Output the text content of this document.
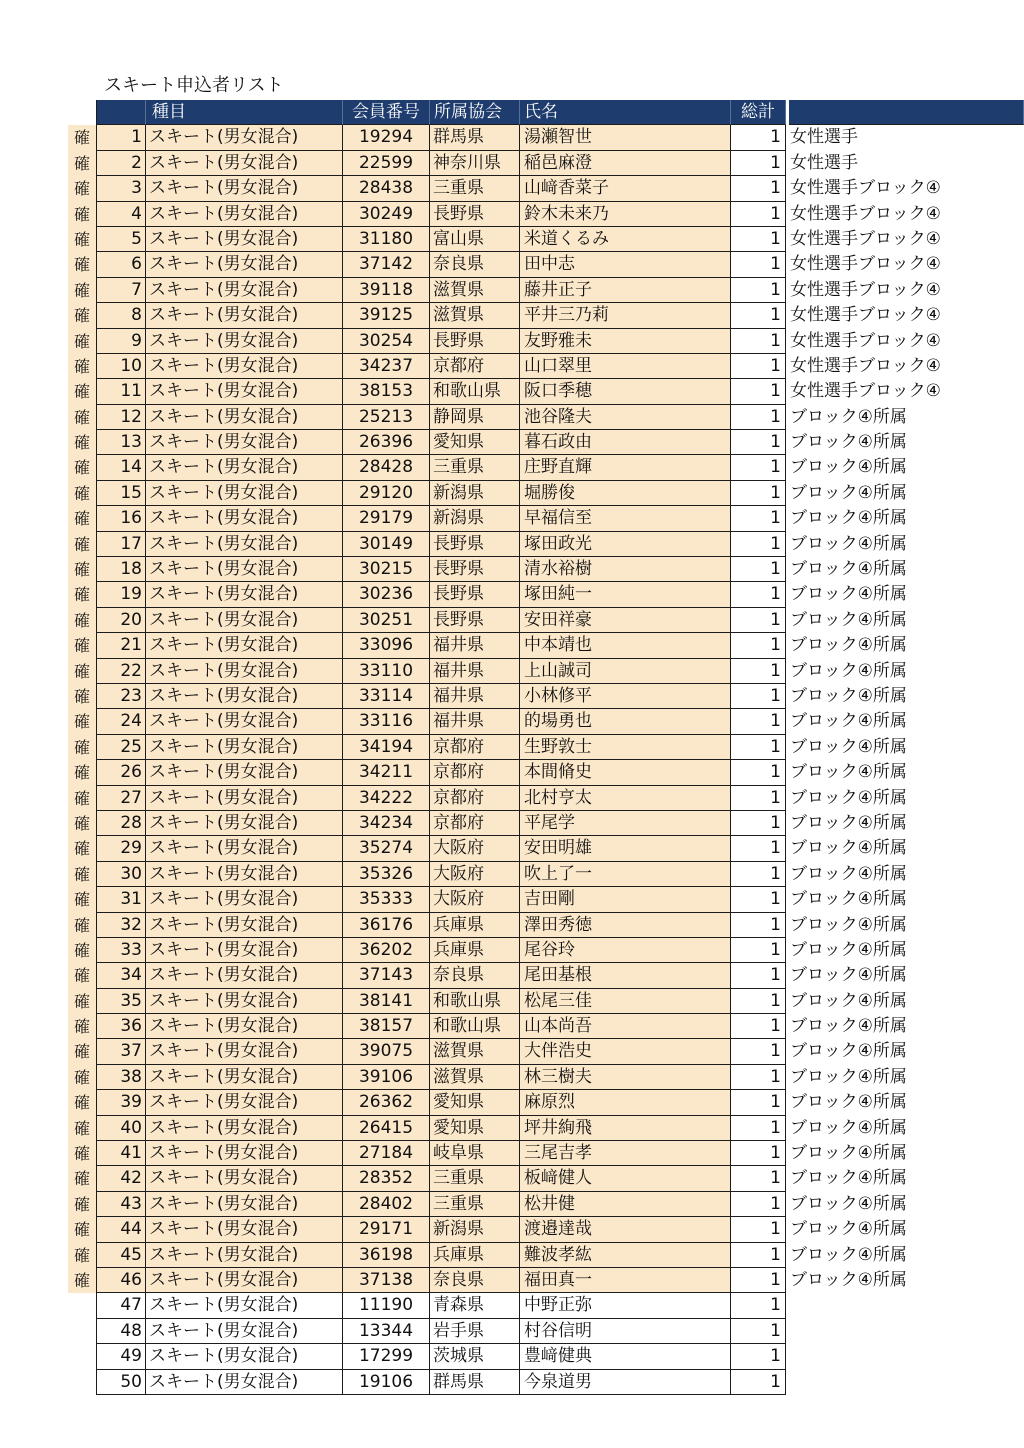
スキート申込者リスト
種目	会員番号 所属協会	氏名	総計
確	1 スキート(男女混合)	19294	群馬県	湯瀬智世	1 女性選手
確	2 スキート(男女混合)	22599	神奈川県	稲邑麻澄	1 女性選手
確	3 スキート(男女混合)	28438	三重県	山﨑香菜子	1 女性選手ブロック④
確	4 スキート(男女混合)	30249	長野県	鈴木未来乃	1 女性選手ブロック④
確	5 スキート(男女混合)	31180	富山県	米道くるみ	1 女性選手ブロック④
確	6 スキート(男女混合)	37142	奈良県	田中志	1 女性選手ブロック④
確	7 スキート(男女混合)	39118	滋賀県	藤井正子	1 女性選手ブロック④
確	8 スキート(男女混合)	39125	滋賀県	平井三乃莉	1 女性選手ブロック④
確	9 スキート(男女混合)	30254	長野県	友野雅未	1 女性選手ブロック④
確	10 スキート(男女混合)	34237	京都府	山口翠里	1 女性選手ブロック④
確	11 スキート(男女混合)	38153	和歌山県	阪口季穂	1 女性選手ブロック④
確	12 スキート(男女混合)	25213	静岡県	池谷隆夫	1 ブロック④所属
確	13 スキート(男女混合)	26396	愛知県	暮石政由	1 ブロック④所属
確	14 スキート(男女混合)	28428	三重県	庄野直輝	1 ブロック④所属
確	15 スキート(男女混合)	29120	新潟県	堀勝俊	1 ブロック④所属
確	16 スキート(男女混合)	29179	新潟県	早福信至	1 ブロック④所属
確	17 スキート(男女混合)	30149	長野県	塚田政光	1 ブロック④所属
確	18 スキート(男女混合)	30215	長野県	清水裕樹	1 ブロック④所属
確	19 スキート(男女混合)	30236	長野県	塚田純一	1 ブロック④所属
確	20 スキート(男女混合)	30251	長野県	安田祥豪	1 ブロック④所属
確	21 スキート(男女混合)	33096	福井県	中本靖也	1 ブロック④所属
確	22 スキート(男女混合)	33110	福井県	上山誠司	1 ブロック④所属
確	23 スキート(男女混合)	33114	福井県	小林修平	1 ブロック④所属
確	24 スキート(男女混合)	33116	福井県	的場勇也	1 ブロック④所属
確	25 スキート(男女混合)	34194	京都府	生野敦士	1 ブロック④所属
確	26 スキート(男女混合)	34211	京都府	本間脩史	1 ブロック④所属
確	27 スキート(男女混合)	34222	京都府	北村亨太	1 ブロック④所属
確	28 スキート(男女混合)	34234	京都府	平尾学	1 ブロック④所属
確	29 スキート(男女混合)	35274	大阪府	安田明雄	1 ブロック④所属
確	30 スキート(男女混合)	35326	大阪府	吹上了一	1 ブロック④所属
確	31 スキート(男女混合)	35333	大阪府	吉田剛	1 ブロック④所属
確	32 スキート(男女混合)	36176	兵庫県	澤田秀徳	1 ブロック④所属
確	33 スキート(男女混合)	36202	兵庫県	尾谷玲	1 ブロック④所属
確	34 スキート(男女混合)	37143	奈良県	尾田基根	1 ブロック④所属
確	35 スキート(男女混合)	38141	和歌山県	松尾三佳	1 ブロック④所属
確	36 スキート(男女混合)	38157	和歌山県	山本尚吾	1 ブロック④所属
確	37 スキート(男女混合)	39075	滋賀県	大伴浩史	1 ブロック④所属
確	38 スキート(男女混合)	39106	滋賀県	林三樹夫	1 ブロック④所属
確	39 スキート(男女混合)	26362	愛知県	麻原烈	1 ブロック④所属
確	40 スキート(男女混合)	26415	愛知県	坪井絢飛	1 ブロック④所属
確	41 スキート(男女混合)	27184	岐阜県	三尾吉孝	1 ブロック④所属
確	42 スキート(男女混合)	28352	三重県	板﨑健人	1 ブロック④所属
確	43 スキート(男女混合)	28402	三重県	松井健	1 ブロック④所属
確	44 スキート(男女混合)	29171	新潟県	渡邉達哉	1 ブロック④所属
確	45 スキート(男女混合)	36198	兵庫県	難波孝紘	1 ブロック④所属
確	46 スキート(男女混合)	37138	奈良県	福田真一	1 ブロック④所属
47 スキート(男女混合)	11190	青森県	中野正弥	1
48 スキート(男女混合)	13344	岩手県	村谷信明	1
49 スキート(男女混合)	17299	茨城県	豊﨑健典	1
50 スキート(男女混合)	19106	群馬県	今泉道男	1
